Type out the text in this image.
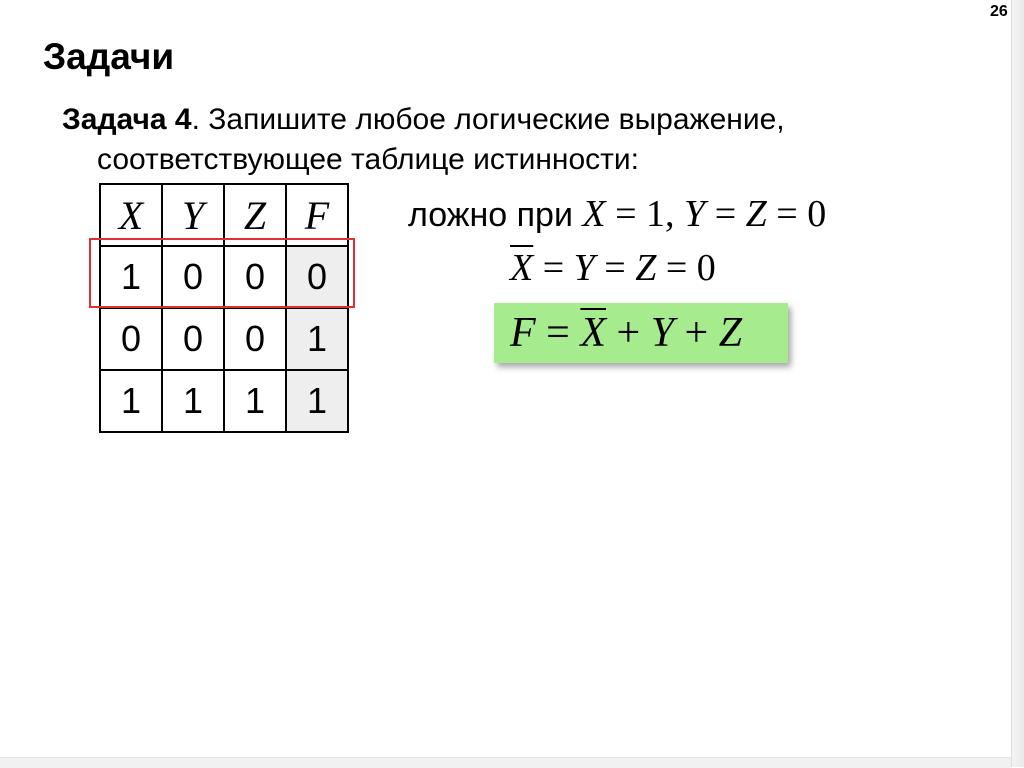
26
Задачи
Задача 4. Запишите любое логические выражение,
соответствующее таблице истинности:
X	Y	Z	F
1	0	0	0
0	0	0	1
1	1	1	1
ложно при X = 1, Y = Z = 0
$\overline{X} = Y = Z = 0$
$F = \overline{X} + Y + Z$
